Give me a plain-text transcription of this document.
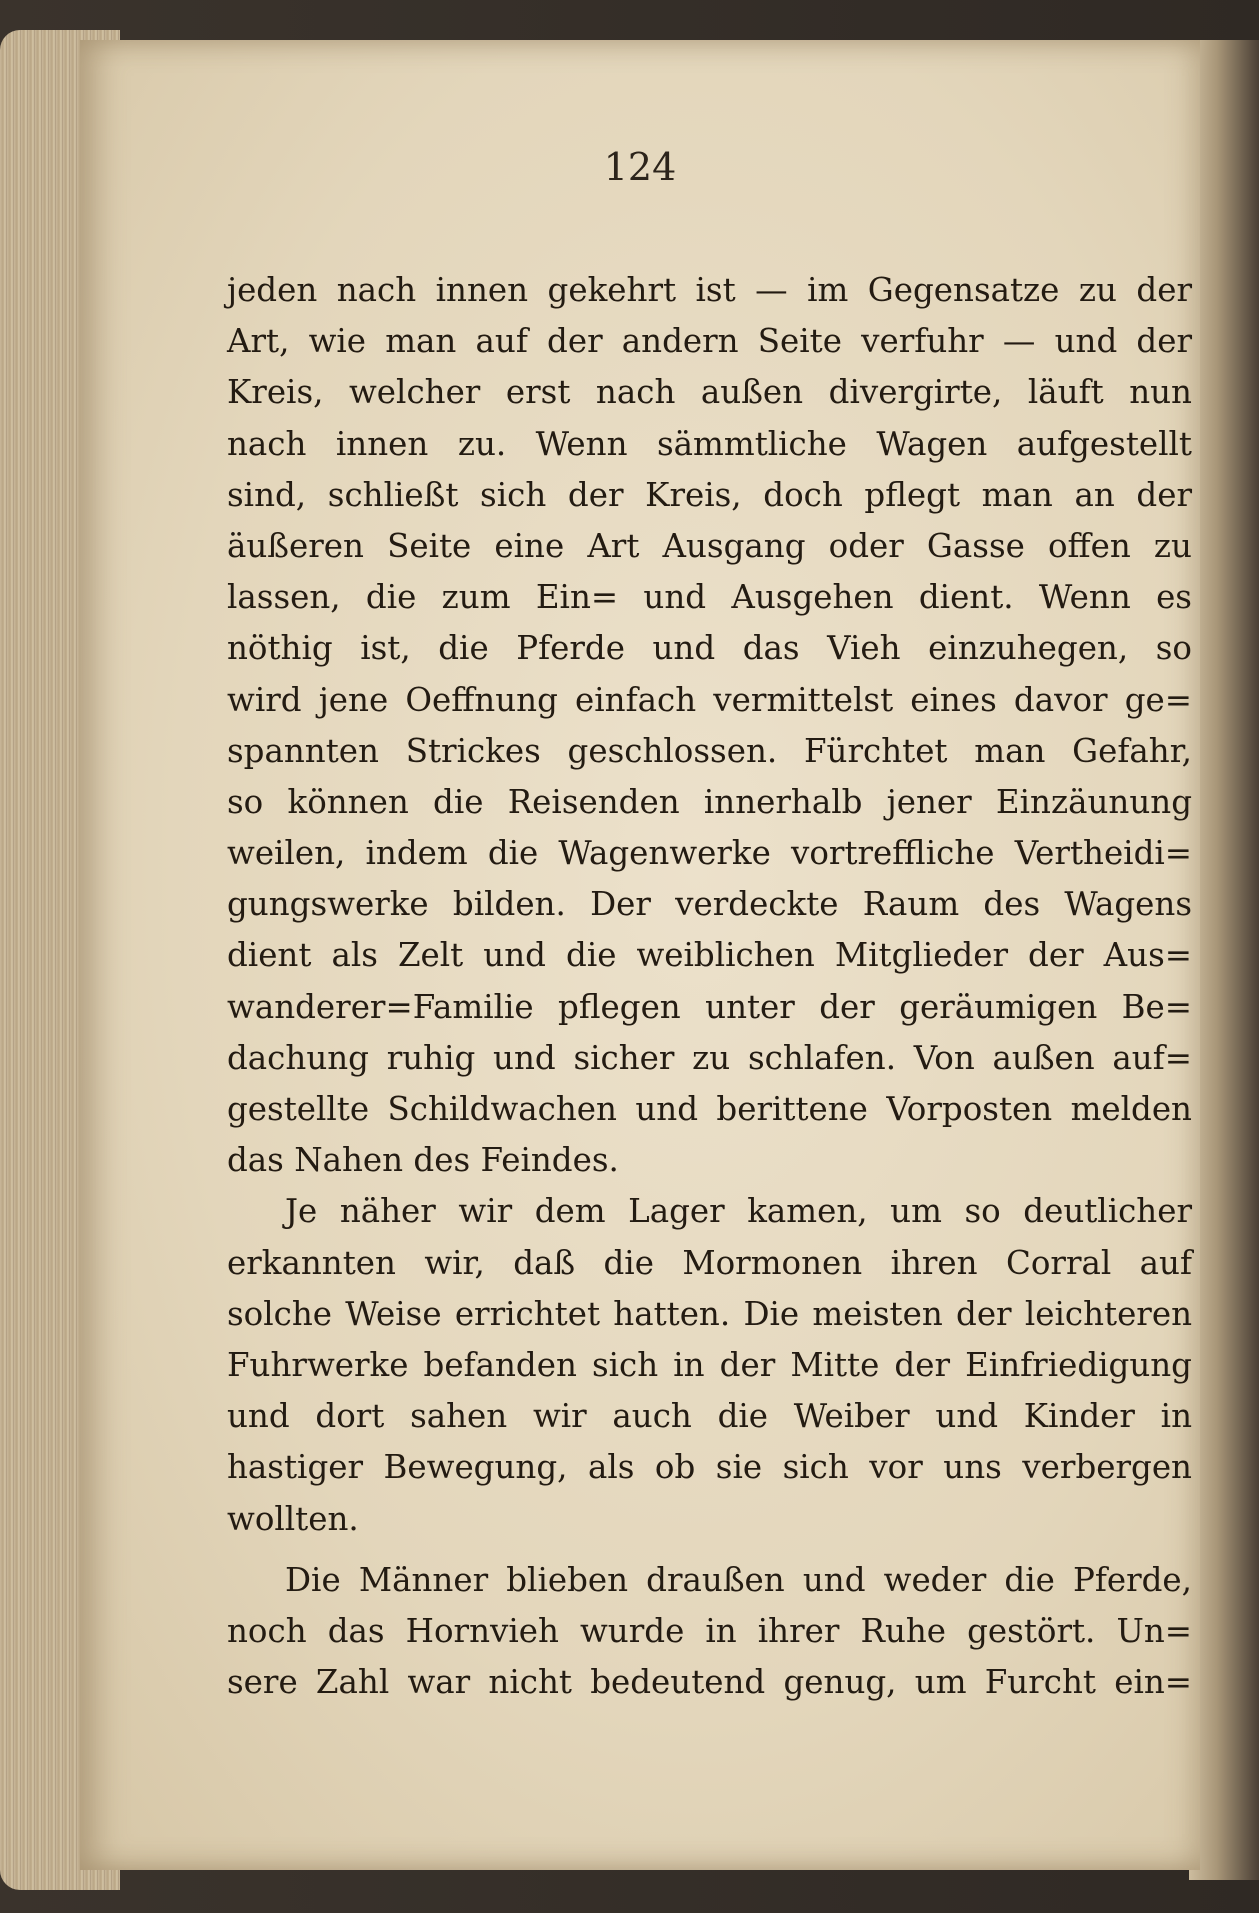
124
jeden nach innen gekehrt ist — im Gegensatze zu der
Art, wie man auf der andern Seite verfuhr — und der
Kreis, welcher erst nach außen divergirte, läuft nun
nach innen zu. Wenn sämmtliche Wagen aufgestellt
sind, schließt sich der Kreis, doch pflegt man an der
äußeren Seite eine Art Ausgang oder Gasse offen zu
lassen, die zum Ein= und Ausgehen dient. Wenn es
nöthig ist, die Pferde und das Vieh einzuhegen, so
wird jene Oeffnung einfach vermittelst eines davor ge=
spannten Strickes geschlossen. Fürchtet man Gefahr,
so können die Reisenden innerhalb jener Einzäunung
weilen, indem die Wagenwerke vortreffliche Vertheidi=
gungswerke bilden. Der verdeckte Raum des Wagens
dient als Zelt und die weiblichen Mitglieder der Aus=
wanderer=Familie pflegen unter der geräumigen Be=
dachung ruhig und sicher zu schlafen. Von außen auf=
gestellte Schildwachen und berittene Vorposten melden
das Nahen des Feindes.
Je näher wir dem Lager kamen, um so deutlicher
erkannten wir, daß die Mormonen ihren Corral auf
solche Weise errichtet hatten. Die meisten der leichteren
Fuhrwerke befanden sich in der Mitte der Einfriedigung
und dort sahen wir auch die Weiber und Kinder in
hastiger Bewegung, als ob sie sich vor uns verbergen
wollten.
Die Männer blieben draußen und weder die Pferde,
noch das Hornvieh wurde in ihrer Ruhe gestört. Un=
sere Zahl war nicht bedeutend genug, um Furcht ein=
